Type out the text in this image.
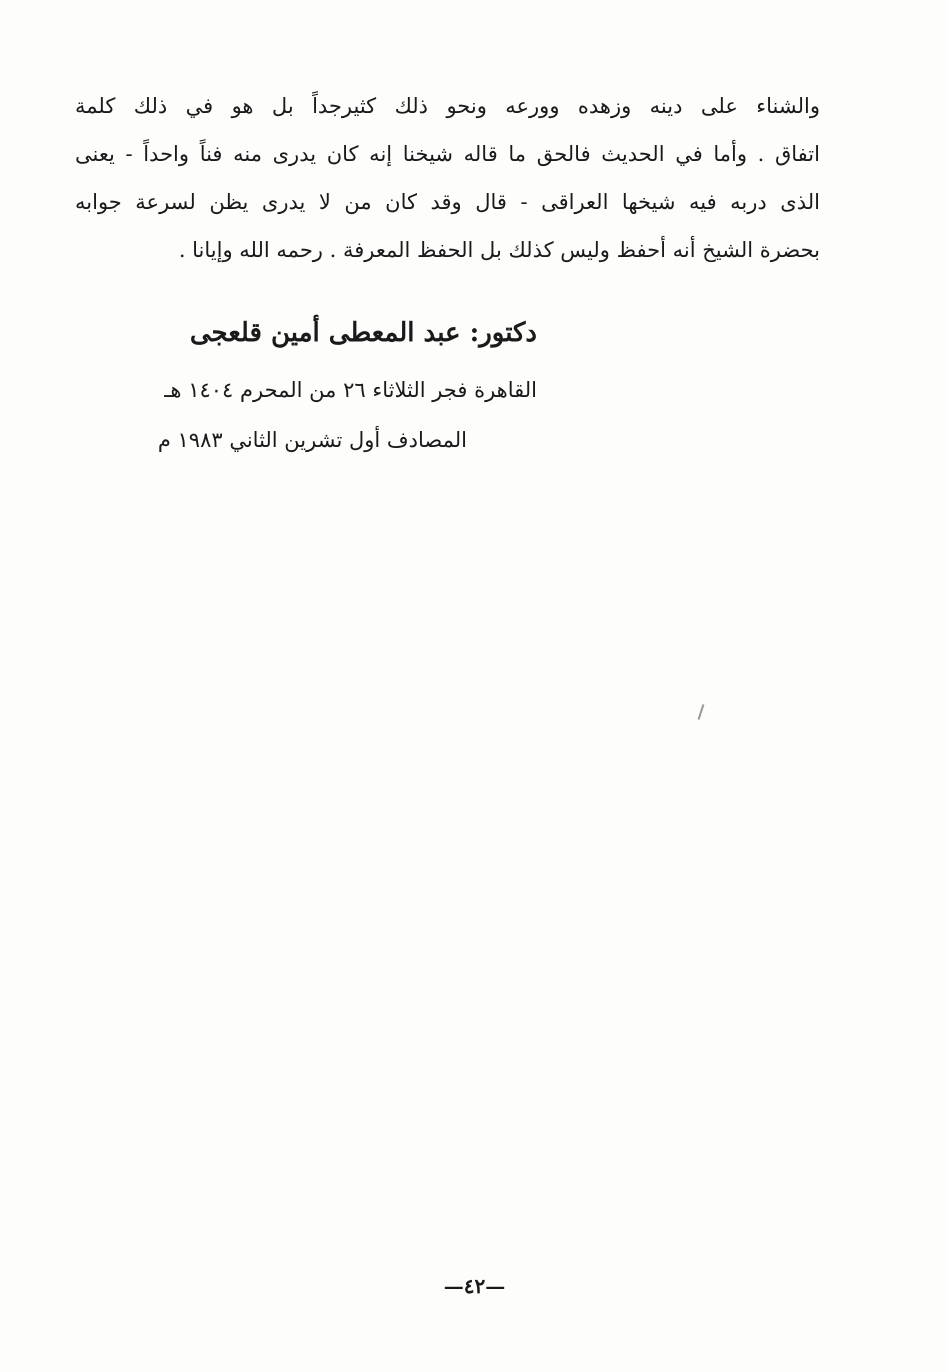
والشناء على دينه وزهده وورعه ونحو ذلك كثيرجداً بل هو في ذلك كلمة
اتفاق . وأما في الحديث فالحق ما قاله شيخنا إنه كان يدرى منه فناً واحداً - يعنى
الذى دربه فيه شيخها العراقى - قال وقد كان من لا يدرى يظن لسرعة جوابه
بحضرة الشيخ أنه أحفظ وليس كذلك بل الحفظ المعرفة . رحمه الله وإيانا .
دكتور: عبد المعطى أمين قلعجى
القاهرة فجر الثلاثاء ٢٦ من المحرم ١٤٠٤ هـ
المصادف أول تشرين الثاني ١٩٨٣ م
—٤٢—
